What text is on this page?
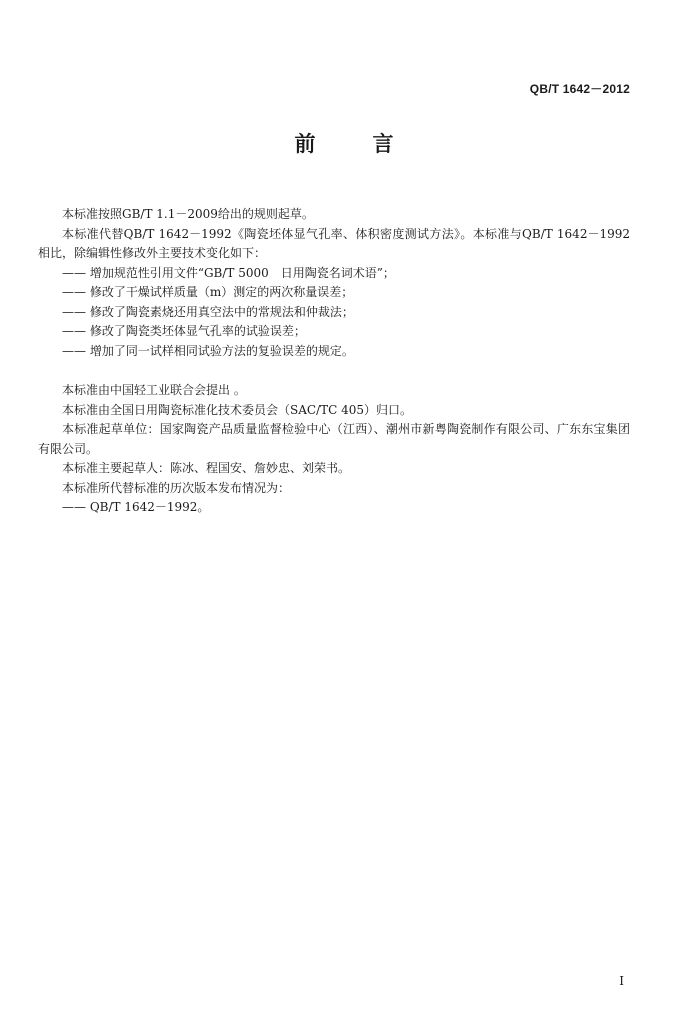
QB/T 1642－2012
前　言

本标准按照GB/T 1.1－2009给出的规则起草。

本标准代替QB/T 1642－1992《陶瓷坯体显气孔率、体积密度测试方法》。本标准与QB/T 1642－1992相比，除编辑性修改外主要技术变化如下：

—— 增加规范性引用文件“GB/T 5000　日用陶瓷名词术语”；

—— 修改了干燥试样质量（m）测定的两次称量误差；

—— 修改了陶瓷素烧还用真空法中的常规法和仲裁法；

—— 修改了陶瓷类坯体显气孔率的试验误差；

—— 增加了同一试样相同试验方法的复验误差的规定。

本标准由中国轻工业联合会提出 。

本标准由全国日用陶瓷标准化技术委员会（SAC/TC 405）归口。

本标准起草单位：国家陶瓷产品质量监督检验中心（江西）、潮州市新粤陶瓷制作有限公司、广东东宝集团有限公司。

本标准主要起草人：陈冰、程国安、詹妙忠、刘荣书。

本标准所代替标准的历次版本发布情况为：

—— QB/T 1642－1992。

I
